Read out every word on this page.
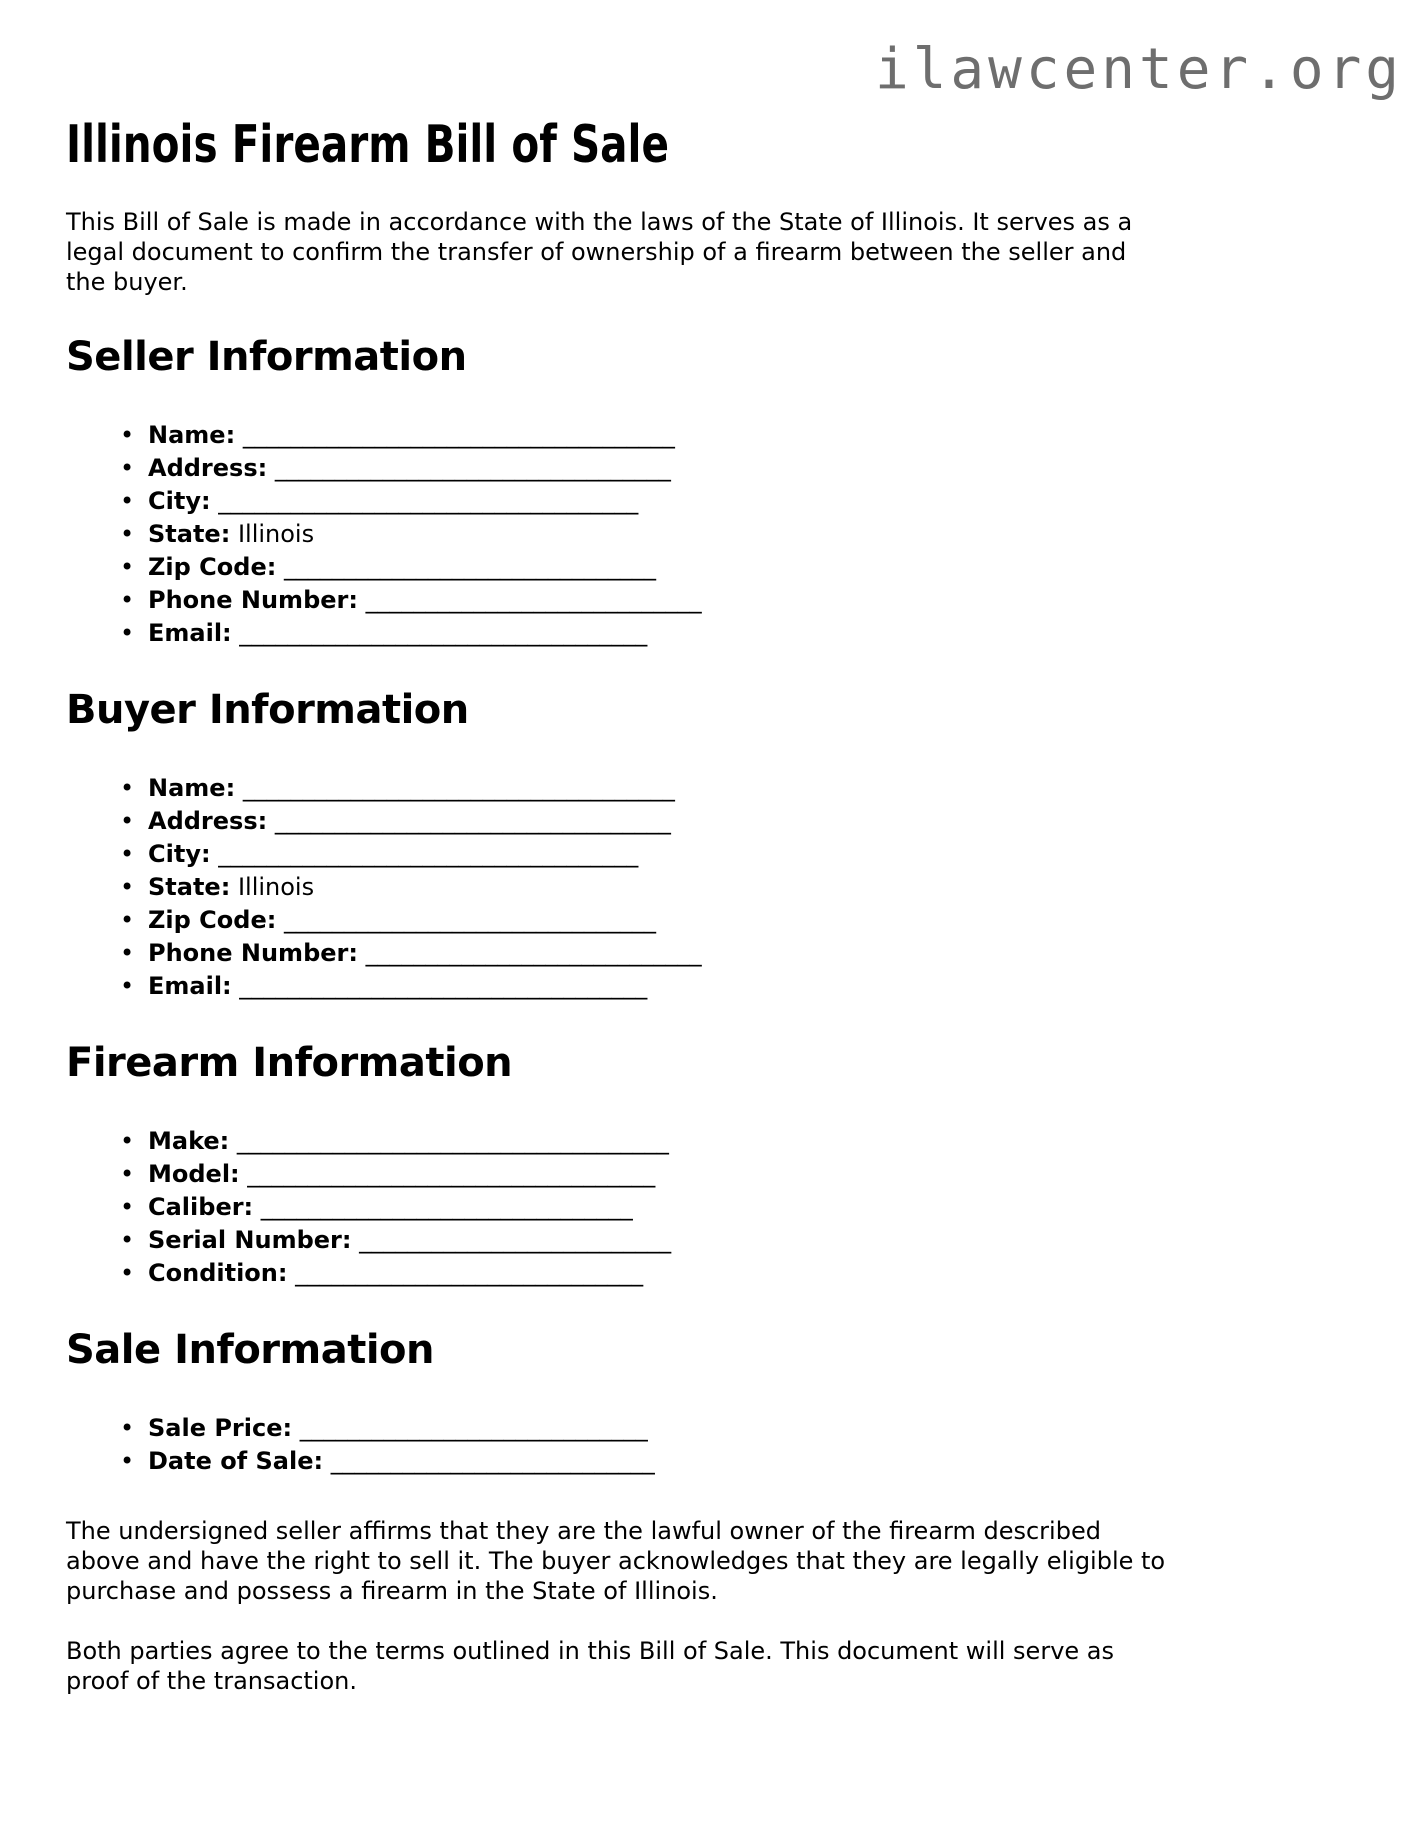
ilawcenter.org
Illinois Firearm Bill of Sale
This Bill of Sale is made in accordance with the laws of the State of Illinois. It serves as a
legal document to confirm the transfer of ownership of a firearm between the seller and
the buyer.
Seller Information
• Name: ____________________________________
• Address: _________________________________
• City: ___________________________________
• State: Illinois
• Zip Code: _______________________________
• Phone Number: ____________________________
• Email: __________________________________
Buyer Information
• Name: ____________________________________
• Address: _________________________________
• City: ___________________________________
• State: Illinois
• Zip Code: _______________________________
• Phone Number: ____________________________
• Email: __________________________________
Firearm Information
• Make: ____________________________________
• Model: __________________________________
• Caliber: _______________________________
• Serial Number: __________________________
• Condition: _____________________________
Sale Information
• Sale Price: _____________________________
• Date of Sale: ___________________________
The undersigned seller affirms that they are the lawful owner of the firearm described
above and have the right to sell it. The buyer acknowledges that they are legally eligible to
purchase and possess a firearm in the State of Illinois.
Both parties agree to the terms outlined in this Bill of Sale. This document will serve as
proof of the transaction.
